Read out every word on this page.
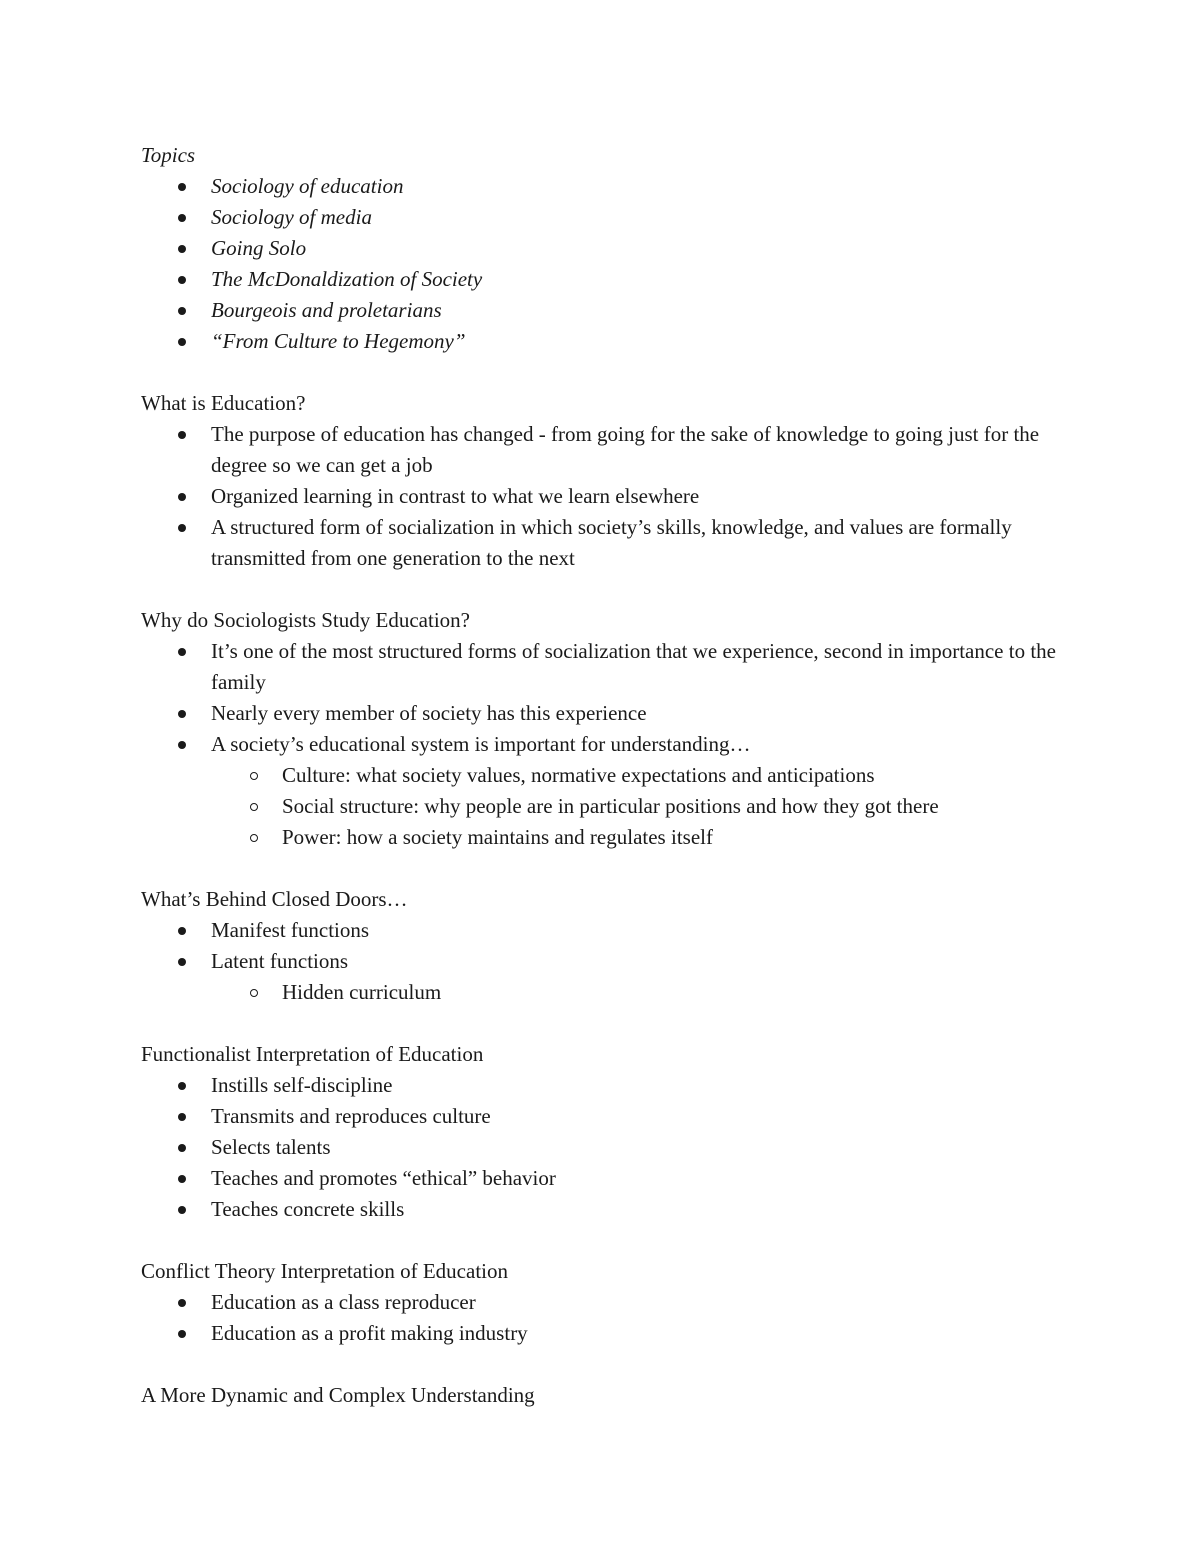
Topics

Sociology of education
Sociology of media
Going Solo
The McDonaldization of Society
Bourgeois and proletarians
“From Culture to Hegemony”

What is Education?

The purpose of education has changed - from going for the sake of knowledge to going just for the degree so we can get a job
Organized learning in contrast to what we learn elsewhere
A structured form of socialization in which society’s skills, knowledge, and values are formally transmitted from one generation to the next

Why do Sociologists Study Education?

It’s one of the most structured forms of socialization that we experience, second in importance to the family
Nearly every member of society has this experience
A society’s educational system is important for understanding…
Culture: what society values, normative expectations and anticipations
Social structure: why people are in particular positions and how they got there
Power: how a society maintains and regulates itself

What’s Behind Closed Doors…

Manifest functions
Latent functions
Hidden curriculum

Functionalist Interpretation of Education

Instills self-discipline
Transmits and reproduces culture
Selects talents
Teaches and promotes “ethical” behavior
Teaches concrete skills

Conflict Theory Interpretation of Education

Education as a class reproducer
Education as a profit making industry

A More Dynamic and Complex Understanding
